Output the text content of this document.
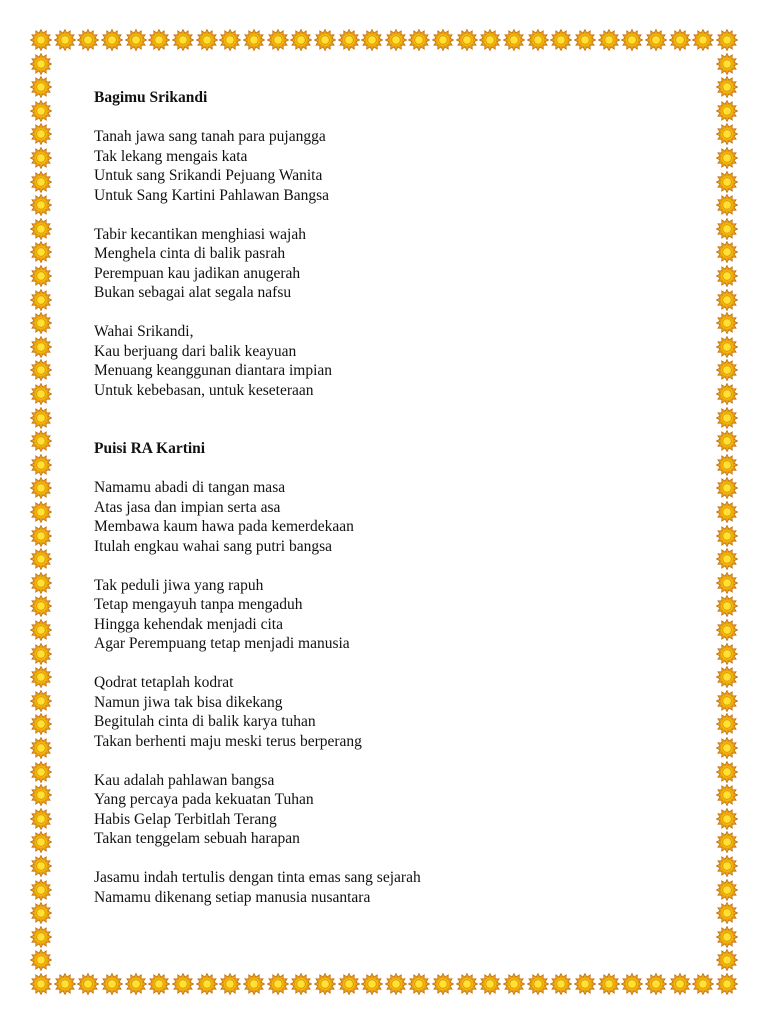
Bagimu Srikandi
Tanah jawa sang tanah para pujangga
Tak lekang mengais kata
Untuk sang Srikandi Pejuang Wanita
Untuk Sang Kartini Pahlawan Bangsa
Tabir kecantikan menghiasi wajah
Menghela cinta di balik pasrah
Perempuan kau jadikan anugerah
Bukan sebagai alat segala nafsu
Wahai Srikandi,
Kau berjuang dari balik keayuan
Menuang keanggunan diantara impian
Untuk kebebasan, untuk keseteraan
Puisi RA Kartini
Namamu abadi di tangan masa
Atas jasa dan impian serta asa
Membawa kaum hawa pada kemerdekaan
Itulah engkau wahai sang putri bangsa
Tak peduli jiwa yang rapuh
Tetap mengayuh tanpa mengaduh
Hingga kehendak menjadi cita
Agar Perempuang tetap menjadi manusia
Qodrat tetaplah kodrat
Namun jiwa tak bisa dikekang
Begitulah cinta di balik karya tuhan
Takan berhenti maju meski terus berperang
Kau adalah pahlawan bangsa
Yang percaya pada kekuatan Tuhan
Habis Gelap Terbitlah Terang
Takan tenggelam sebuah harapan
Jasamu indah tertulis dengan tinta emas sang sejarah
Namamu dikenang setiap manusia nusantara
